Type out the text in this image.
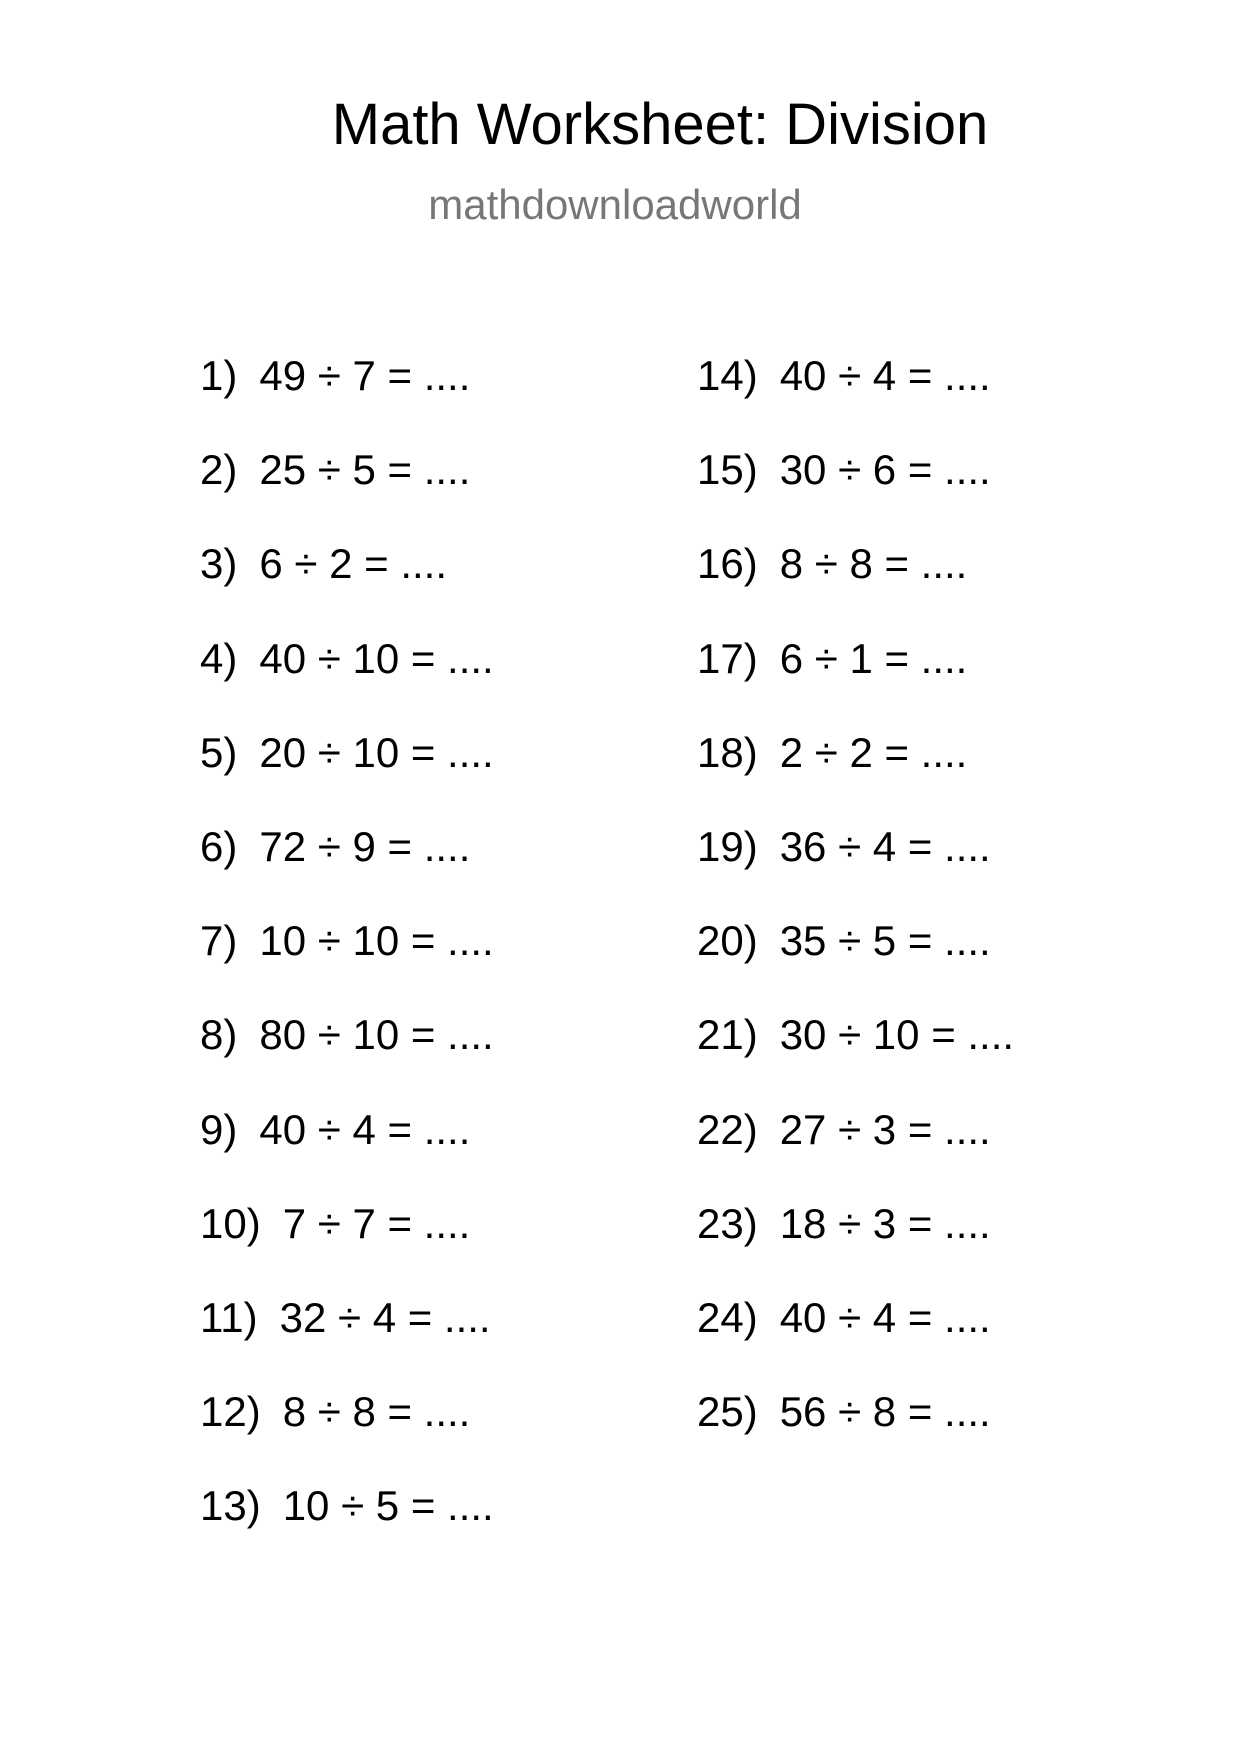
Math Worksheet: Division
mathdownloadworld
1) 49 ÷ 7 = ....
2) 25 ÷ 5 = ....
3) 6 ÷ 2 = ....
4) 40 ÷ 10 = ....
5) 20 ÷ 10 = ....
6) 72 ÷ 9 = ....
7) 10 ÷ 10 = ....
8) 80 ÷ 10 = ....
9) 40 ÷ 4 = ....
10) 7 ÷ 7 = ....
11) 32 ÷ 4 = ....
12) 8 ÷ 8 = ....
13) 10 ÷ 5 = ....
14) 40 ÷ 4 = ....
15) 30 ÷ 6 = ....
16) 8 ÷ 8 = ....
17) 6 ÷ 1 = ....
18) 2 ÷ 2 = ....
19) 36 ÷ 4 = ....
20) 35 ÷ 5 = ....
21) 30 ÷ 10 = ....
22) 27 ÷ 3 = ....
23) 18 ÷ 3 = ....
24) 40 ÷ 4 = ....
25) 56 ÷ 8 = ....
